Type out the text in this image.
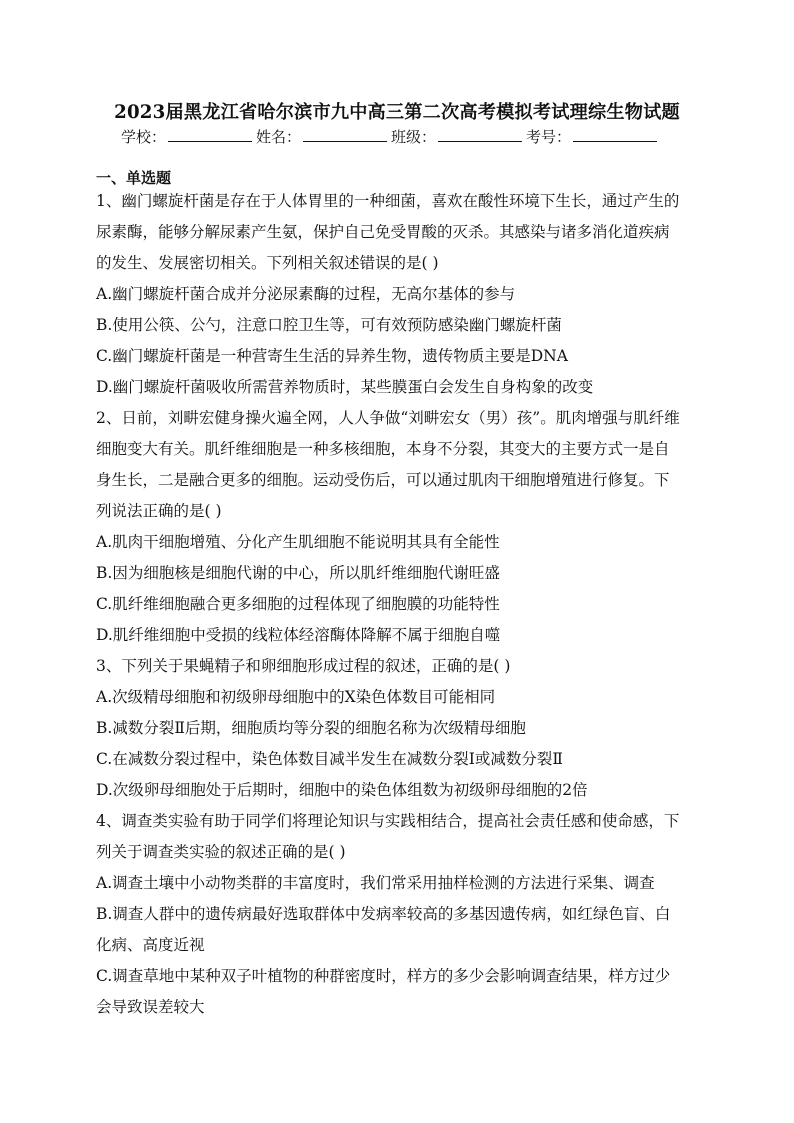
2023届黑龙江省哈尔滨市九中高三第二次高考模拟考试理综生物试题
学校：	姓名：	班级：	考号：
一、单选题
1、幽门螺旋杆菌是存在于人体胃里的一种细菌，喜欢在酸性环境下生长，通过产生的
尿素酶，能够分解尿素产生氨，保护自己免受胃酸的灭杀。其感染与诸多消化道疾病
的发生、发展密切相关。下列相关叙述错误的是( )
A.幽门螺旋杆菌合成并分泌尿素酶的过程，无高尔基体的参与
B.使用公筷、公勺，注意口腔卫生等，可有效预防感染幽门螺旋杆菌
C.幽门螺旋杆菌是一种营寄生生活的异养生物，遗传物质主要是DNA
D.幽门螺旋杆菌吸收所需营养物质时，某些膜蛋白会发生自身构象的改变
2、日前，刘畊宏健身操火遍全网，人人争做“刘畊宏女（男）孩”。肌肉增强与肌纤维
细胞变大有关。肌纤维细胞是一种多核细胞，本身不分裂，其变大的主要方式一是自
身生长，二是融合更多的细胞。运动受伤后，可以通过肌肉干细胞增殖进行修复。下
列说法正确的是( )
A.肌肉干细胞增殖、分化产生肌细胞不能说明其具有全能性
B.因为细胞核是细胞代谢的中心，所以肌纤维细胞代谢旺盛
C.肌纤维细胞融合更多细胞的过程体现了细胞膜的功能特性
D.肌纤维细胞中受损的线粒体经溶酶体降解不属于细胞自噬
3、下列关于果蝇精子和卵细胞形成过程的叙述，正确的是( )
A.次级精母细胞和初级卵母细胞中的X染色体数目可能相同
B.减数分裂Ⅱ后期，细胞质均等分裂的细胞名称为次级精母细胞
C.在减数分裂过程中，染色体数目减半发生在减数分裂Ⅰ或减数分裂Ⅱ
D.次级卵母细胞处于后期时，细胞中的染色体组数为初级卵母细胞的2倍
4、调查类实验有助于同学们将理论知识与实践相结合，提高社会责任感和使命感，下
列关于调查类实验的叙述正确的是( )
A.调查土壤中小动物类群的丰富度时，我们常采用抽样检测的方法进行采集、调查
B.调查人群中的遗传病最好选取群体中发病率较高的多基因遗传病，如红绿色盲、白
化病、高度近视
C.调查草地中某种双子叶植物的种群密度时，样方的多少会影响调查结果，样方过少
会导致误差较大
